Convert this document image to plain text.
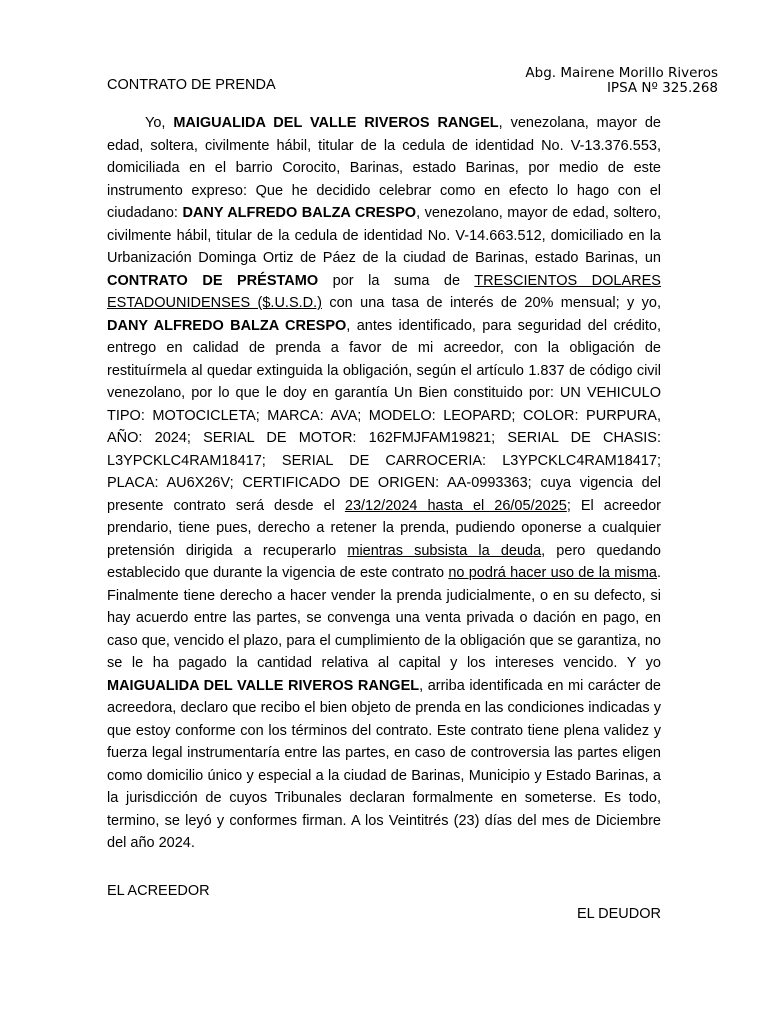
Abg. Mairene Morillo Riveros
IPSA Nº 325.268
CONTRATO DE PRENDA

Yo, MAIGUALIDA DEL VALLE RIVEROS RANGEL, venezolana, mayor de edad, soltera, civilmente hábil, titular de la cedula de identidad No. V-13.376.553, domiciliada en el barrio Corocito, Barinas, estado Barinas, por medio de este instrumento expreso: Que he decidido celebrar como en efecto lo hago con el ciudadano: DANY ALFREDO BALZA CRESPO, venezolano, mayor de edad, soltero, civilmente hábil, titular de la cedula de identidad No. V-14.663.512, domiciliado en la Urbanización Dominga Ortiz de Páez de la ciudad de Barinas, estado Barinas, un CONTRATO DE PRÉSTAMO por la suma de TRESCIENTOS DOLARES ESTADOUNIDENSES ($.U.S.D.) con una tasa de interés de 20% mensual; y yo, DANY ALFREDO BALZA CRESPO, antes identificado, para seguridad del crédito, entrego en calidad de prenda a favor de mi acreedor, con la obligación de restituírmela al quedar extinguida la obligación, según el artículo 1.837 de código civil venezolano, por lo que le doy en garantía Un Bien constituido por: UN VEHICULO TIPO: MOTOCICLETA; MARCA: AVA; MODELO: LEOPARD; COLOR: PURPURA, AÑO: 2024; SERIAL DE MOTOR: 162FMJFAM19821; SERIAL DE CHASIS: L3YPCKLC4RAM18417; SERIAL DE CARROCERIA: L3YPCKLC4RAM18417; PLACA: AU6X26V; CERTIFICADO DE ORIGEN: AA-0993363; cuya vigencia del presente contrato será desde el 23/12/2024 hasta el 26/05/2025; El acreedor prendario, tiene pues, derecho a retener la prenda, pudiendo oponerse a cualquier pretensión dirigida a recuperarlo mientras subsista la deuda, pero quedando establecido que durante la vigencia de este contrato no podrá hacer uso de la misma. Finalmente tiene derecho a hacer vender la prenda judicialmente, o en su defecto, si hay acuerdo entre las partes, se convenga una venta privada o dación en pago, en caso que, vencido el plazo, para el cumplimiento de la obligación que se garantiza, no se le ha pagado la cantidad relativa al capital y los intereses vencido. Y yo MAIGUALIDA DEL VALLE RIVEROS RANGEL, arriba identificada en mi carácter de acreedora, declaro que recibo el bien objeto de prenda en las condiciones indicadas y que estoy conforme con los términos del contrato. Este contrato tiene plena validez y fuerza legal instrumentaría entre las partes, en caso de controversia las partes eligen como domicilio único y especial a la ciudad de Barinas, Municipio y Estado Barinas, a la jurisdicción de cuyos Tribunales declaran formalmente en someterse. Es todo, termino, se leyó y conformes firman. A los Veintitrés (23) días del mes de Diciembre del año 2024.

EL ACREEDOR
EL DEUDOR
